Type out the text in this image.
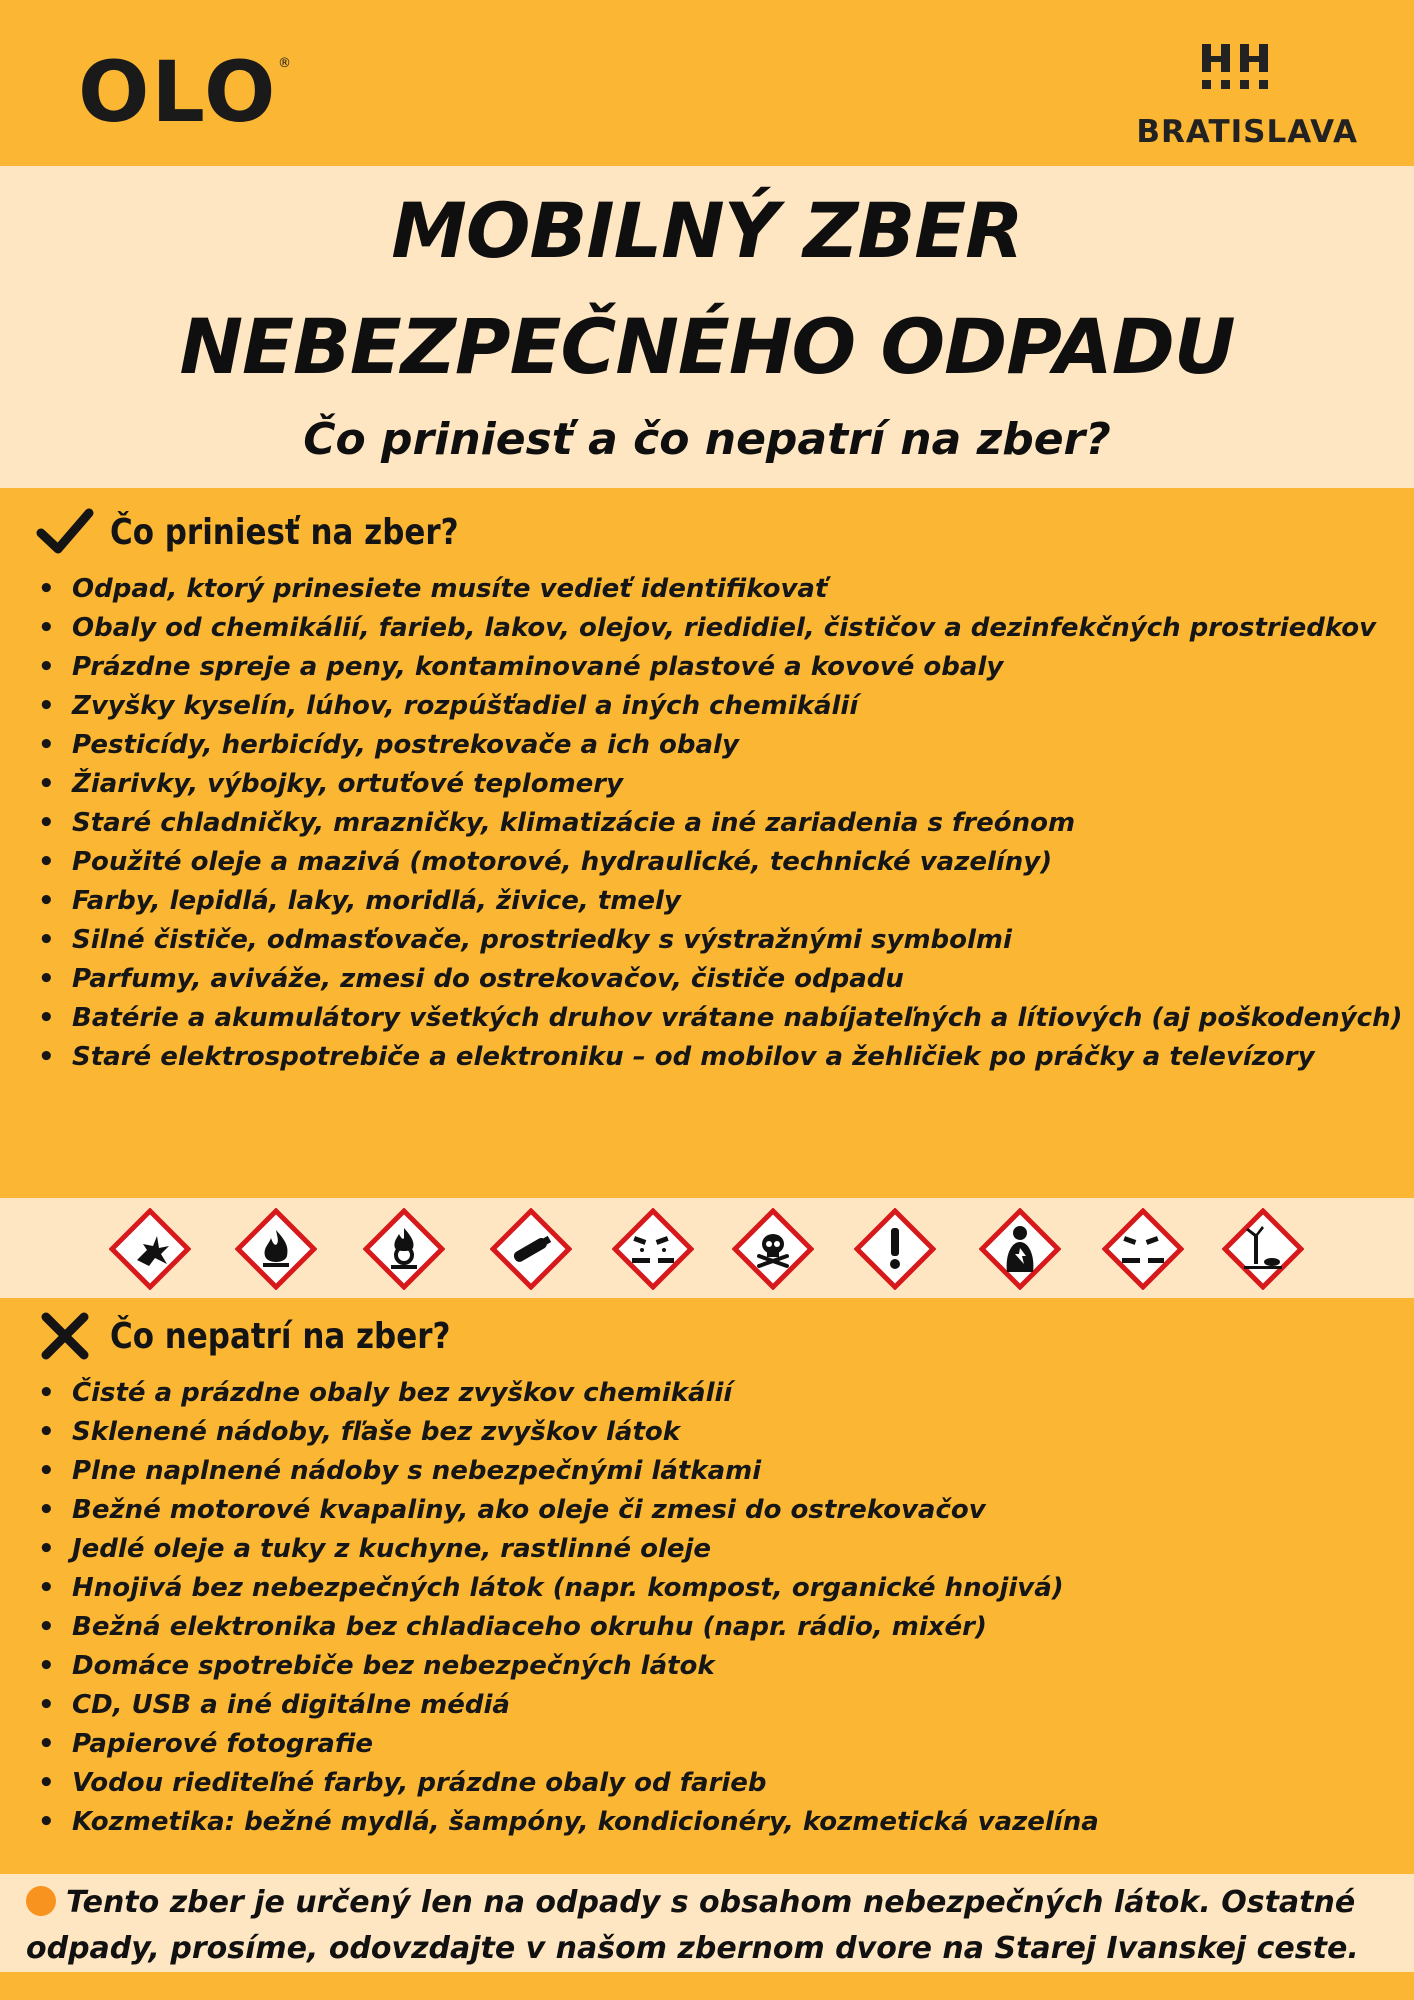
OLO ®
BRATISLAVA
MOBILNÝ ZBER
NEBEZPEČNÉHO ODPADU
Čo priniesť a čo nepatrí na zber?
Čo priniesť na zber?
• Odpad, ktorý prinesiete musíte vedieť identifikovať
• Obaly od chemikálií, farieb, lakov, olejov, riedidiel, čističov a dezinfekčných prostriedkov
• Prázdne spreje a peny, kontaminované plastové a kovové obaly
• Zvyšky kyselín, lúhov, rozpúšťadiel a iných chemikálií
• Pesticídy, herbicídy, postrekovače a ich obaly
• Žiarivky, výbojky, ortuťové teplomery
• Staré chladničky, mrazničky, klimatizácie a iné zariadenia s freónom
• Použité oleje a mazivá (motorové, hydraulické, technické vazelíny)
• Farby, lepidlá, laky, moridlá, živice, tmely
• Silné čističe, odmasťovače, prostriedky s výstražnými symbolmi
• Parfumy, aviváže, zmesi do ostrekovačov, čističe odpadu
• Batérie a akumulátory všetkých druhov vrátane nabíjateľných a lítiových (aj poškodených)
• Staré elektrospotrebiče a elektroniku – od mobilov a žehličiek po práčky a televízory
Čo nepatrí na zber?
• Čisté a prázdne obaly bez zvyškov chemikálií
• Sklenené nádoby, fľaše bez zvyškov látok
• Plne naplnené nádoby s nebezpečnými látkami
• Bežné motorové kvapaliny, ako oleje či zmesi do ostrekovačov
• Jedlé oleje a tuky z kuchyne, rastlinné oleje
• Hnojivá bez nebezpečných látok (napr. kompost, organické hnojivá)
• Bežná elektronika bez chladiaceho okruhu (napr. rádio, mixér)
• Domáce spotrebiče bez nebezpečných látok
• CD, USB a iné digitálne médiá
• Papierové fotografie
• Vodou riediteľné farby, prázdne obaly od farieb
• Kozmetika: bežné mydlá, šampóny, kondicionéry, kozmetická vazelína
Tento zber je určený len na odpady s obsahom nebezpečných látok. Ostatné odpady, prosíme, odovzdajte v našom zbernom dvore na Starej Ivanskej ceste.
